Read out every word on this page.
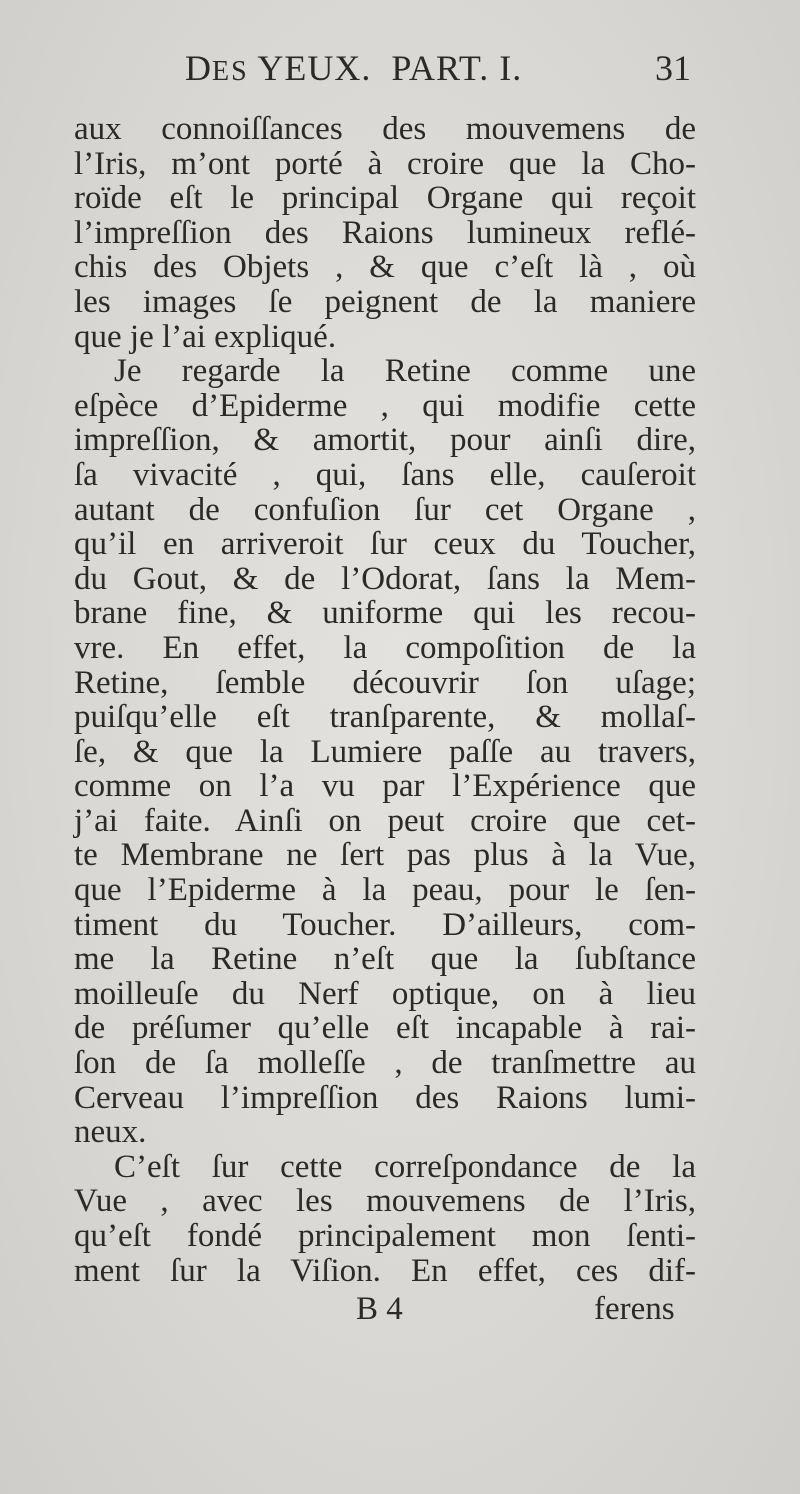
DES YEUX.  PART. I.	31
aux connoiſſances des mouvemens de
l’Iris, m’ont porté à croire que la Cho-
roïde eſt le principal Organe qui reçoit
l’impreſſion des Raions lumineux reflé-
chis des Objets , & que c’eſt là , où
les images ſe peignent de la maniere
que je l’ai expliqué.
Je regarde la Retine comme une
eſpèce d’Epiderme , qui modifie cette
impreſſion, & amortit, pour ainſi dire,
ſa vivacité , qui, ſans elle, cauſeroit
autant de confuſion ſur cet Organe ,
qu’il en arriveroit ſur ceux du Toucher,
du Gout, & de l’Odorat, ſans la Mem-
brane fine, & uniforme qui les recou-
vre. En effet, la compoſition de la
Retine, ſemble découvrir ſon uſage;
puiſqu’elle eſt tranſparente, & mollaſ-
ſe, & que la Lumiere paſſe au travers,
comme on l’a vu par l’Expérience que
j’ai faite. Ainſi on peut croire que cet-
te Membrane ne ſert pas plus à la Vue,
que l’Epiderme à la peau, pour le ſen-
timent du Toucher. D’ailleurs, com-
me la Retine n’eſt que la ſubſtance
moilleuſe du Nerf optique, on à lieu
de préſumer qu’elle eſt incapable à rai-
ſon de ſa molleſſe , de tranſmettre au
Cerveau l’impreſſion des Raions lumi-
neux.
C’eſt ſur cette correſpondance de la
Vue , avec les mouvemens de l’Iris,
qu’eſt fondé principalement mon ſenti-
ment ſur la Viſion. En effet, ces dif-
B 4	ferens
